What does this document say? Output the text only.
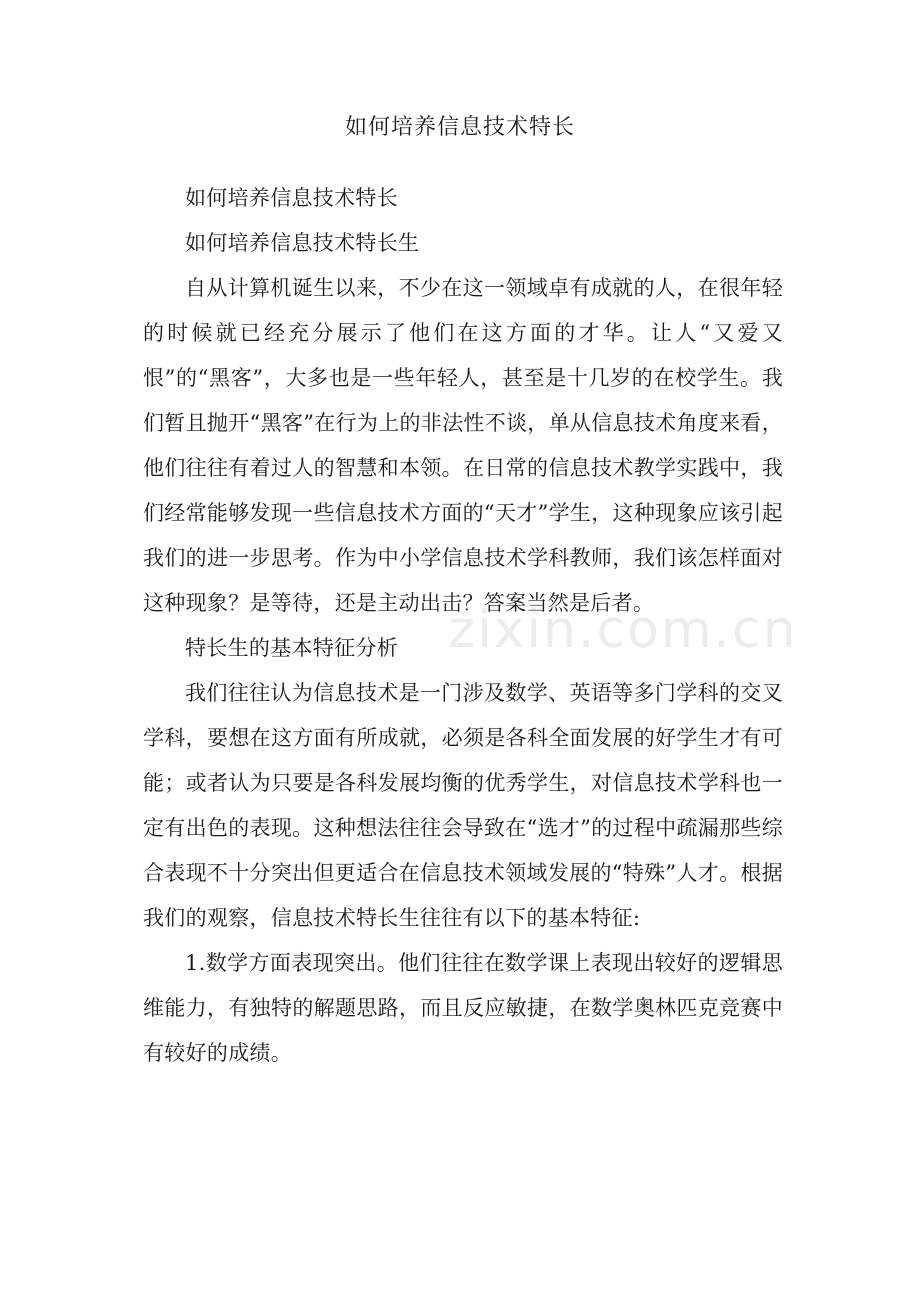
如何培养信息技术特长

如何培养信息技术特长

如何培养信息技术特长生

自从计算机诞生以来，不少在这一领域卓有成就的人，在很年轻的时候就已经充分展示了他们在这方面的才华。让人“又爱又恨”的“黑客”，大多也是一些年轻人，甚至是十几岁的在校学生。我们暂且抛开“黑客”在行为上的非法性不谈，单从信息技术角度来看，他们往往有着过人的智慧和本领。在日常的信息技术教学实践中，我们经常能够发现一些信息技术方面的“天才”学生，这种现象应该引起我们的进一步思考。作为中小学信息技术学科教师，我们该怎样面对这种现象？是等待，还是主动出击？答案当然是后者。

特长生的基本特征分析

我们往往认为信息技术是一门涉及数学、英语等多门学科的交叉学科，要想在这方面有所成就，必须是各科全面发展的好学生才有可能；或者认为只要是各科发展均衡的优秀学生，对信息技术学科也一定有出色的表现。这种想法往往会导致在“选才”的过程中疏漏那些综合表现不十分突出但更适合在信息技术领域发展的“特殊”人才。根据我们的观察，信息技术特长生往往有以下的基本特征:

1.数学方面表现突出。他们往往在数学课上表现出较好的逻辑思维能力，有独特的解题思路，而且反应敏捷，在数学奥林匹克竞赛中有较好的成绩。

zixin.com.cn
